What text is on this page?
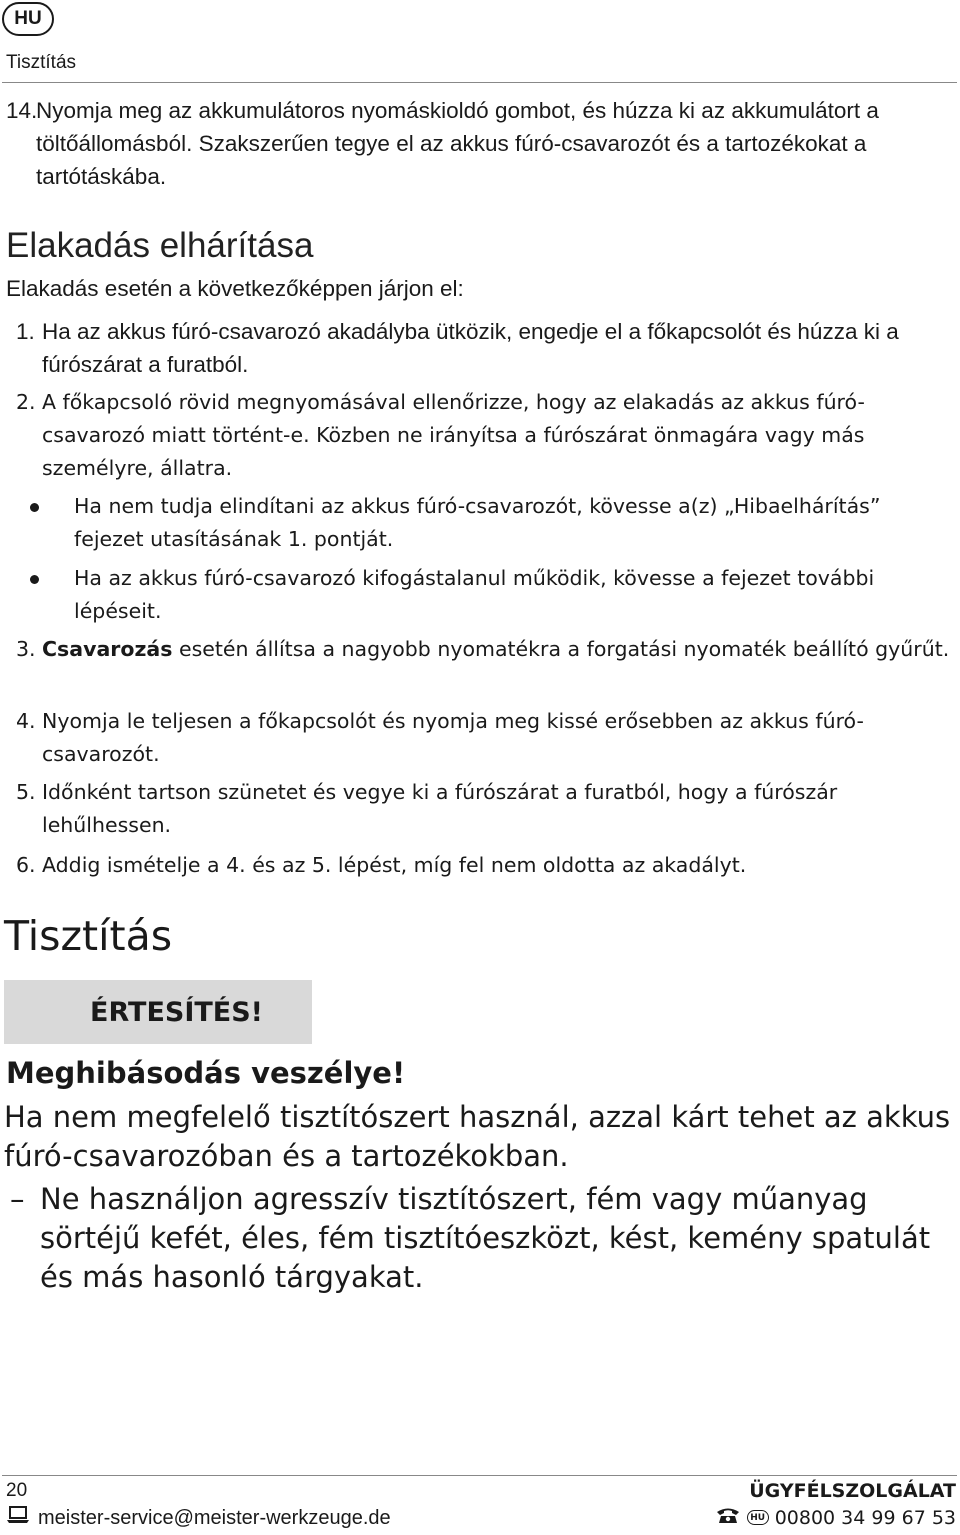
HU
Tisztítás
14.
Nyomja meg az akkumulátoros nyomáskioldó gombot, és húzza ki az akkumulátort a töltőállomásból. Szakszerűen tegye el az akkus fúró-csavarozót és a tartozékokat a tartótáskába.
Elakadás elhárítása
Elakadás esetén a következőképpen járjon el:
1. Ha az akkus fúró-csavarozó akadályba ütközik, engedje el a főkapcsolót és húzza ki a fúrószárat a furatból.
2. A főkapcsoló rövid megnyomásával ellenőrizze, hogy az elakadás az akkus fúró-csavarozó miatt történt-e. Közben ne irányítsa a fúrószárat önmagára vagy más személyre, állatra.
Ha nem tudja elindítani az akkus fúró-csavarozót, kövesse a(z) „Hibaelhárítás” fejezet utasításának 1. pontját.
Ha az akkus fúró-csavarozó kifogástalanul működik, kövesse a fejezet további lépéseit.
3. Csavarozás esetén állítsa a nagyobb nyomatékra a forgatási nyomaték beállító gyűrűt.
4. Nyomja le teljesen a főkapcsolót és nyomja meg kissé erősebben az akkus fúró-csavarozót.
5. Időnként tartson szünetet és vegye ki a fúrószárat a furatból, hogy a fúrószár lehűlhessen.
6. Addig ismételje a 4. és az 5. lépést, míg fel nem oldotta az akadályt.
Tisztítás
ÉRTESÍTÉS!
Meghibásodás veszélye!
Ha nem megfelelő tisztítószert használ, azzal kárt tehet az akkus fúró-csavarozóban és a tartozékokban.
– Ne használjon agresszív tisztítószert, fém vagy műanyag sörtéjű kefét, éles, fém tisztítóeszközt, kést, kemény spatulát és más hasonló tárgyakat.
20	ÜGYFÉLSZOLGÁLAT
meister-service@meister-werkzeuge.de	HU 00800 34 99 67 53
